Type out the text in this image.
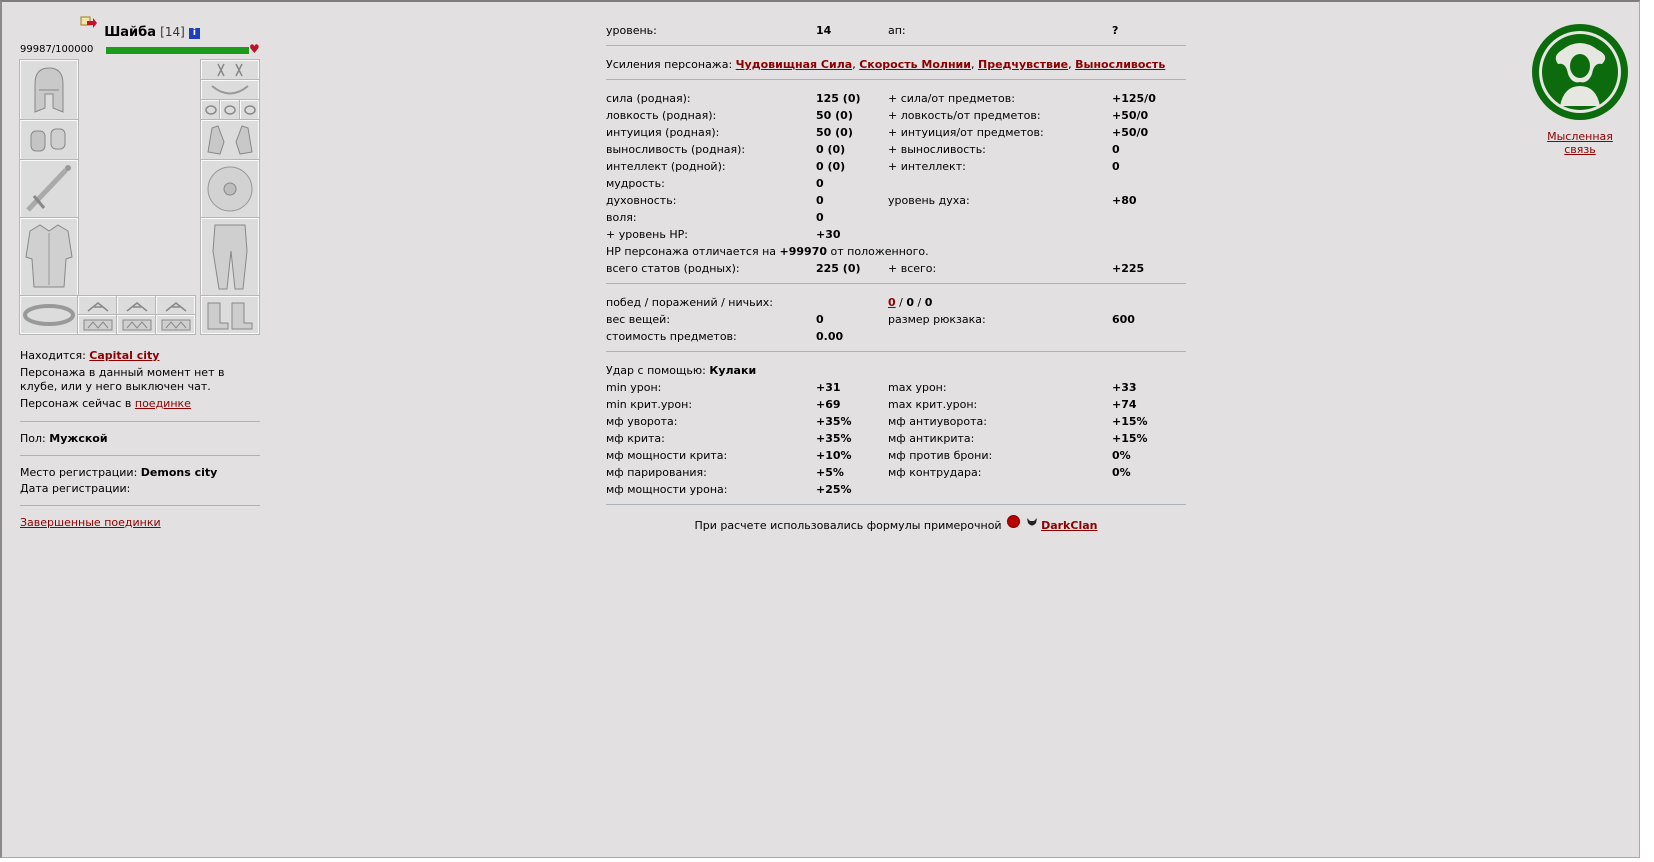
Шайба [14] i
99987/100000	♥
Находится: Capital city
Персонажа в данный момент нет в клубе, или у него выключен чат.
Персонаж сейчас в поединке
Пол: Мужской
Место регистрации: Demons city
Дата регистрации:
Завершенные поединки
уровень:	14	ап:	?
Усиления персонажа: Чудовищная Сила, Скорость Молнии, Предчувствие, Выносливость
сила (родная):	125 (0)	+ сила/от предметов:	+125/0
ловкость (родная):	50 (0)	+ ловкость/от предметов:	+50/0
интуиция (родная):	50 (0)	+ интуиция/от предметов:	+50/0
выносливость (родная):	0 (0)	+ выносливость:	0
интеллект (родной):	0 (0)	+ интеллект:	0
мудрость:	0
духовность:	0	уровень духа:	+80
воля:	0
+ уровень HP:	+30
HP персонажа отличается на +99970 от положенного.
всего статов (родных):	225 (0)	+ всего:	+225
побед / поражений / ничьих:	0 / 0 / 0
вес вещей:	0	размер рюкзака:	600
стоимость предметов:	0.00
Удар с помощью: Кулаки
min урон:	+31	max урон:	+33
min крит.урон:	+69	max крит.урон:	+74
мф уворота:	+35%	мф антиуворота:	+15%
мф крита:	+35%	мф антикрита:	+15%
мф мощности крита:	+10%	мф против брони:	0%
мф парирования:	+5%	мф контрудара:	0%
мф мощности урона:	+25%
При расчете использовались формулы примерочной	DarkClan
Мысленная
связь
